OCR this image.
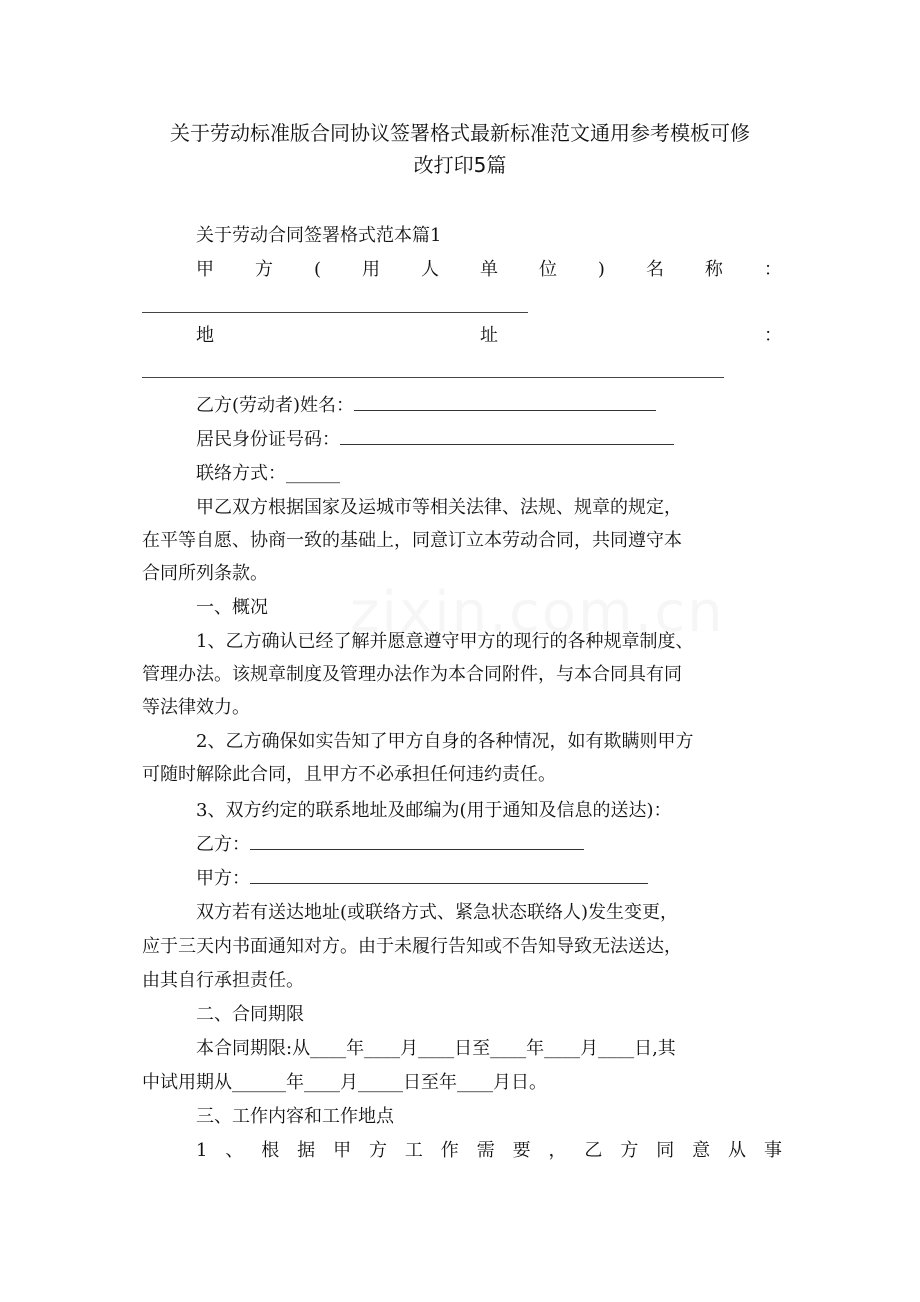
关于劳动标准版合同协议签署格式最新标准范文通用参考模板可修
改打印5篇
关于劳动合同签署格式范本篇1
甲 方 ( 用 人 单 位 ) 名 称 ：
地	址	：
乙方(劳动者)姓名：
居民身份证号码：
联络方式：______
甲乙双方根据国家及运城市等相关法律、法规、规章的规定，
在平等自愿、协商一致的基础上，同意订立本劳动合同，共同遵守本
合同所列条款。
一、概况
1、乙方确认已经了解并愿意遵守甲方的现行的各种规章制度、
管理办法。该规章制度及管理办法作为本合同附件，与本合同具有同
等法律效力。
2、乙方确保如实告知了甲方自身的各种情况，如有欺瞒则甲方
可随时解除此合同，且甲方不必承担任何违约责任。
3、双方约定的联系地址及邮编为(用于通知及信息的送达)：
乙方：
甲方：
双方若有送达地址(或联络方式、紧急状态联络人)发生变更，
应于三天内书面通知对方。由于未履行告知或不告知导致无法送达，
由其自行承担责任。
二、合同期限
本合同期限:从____年____月____日至____年____月____日,其
中试用期从______年____月_____日至年____月日。
三、工作内容和工作地点
1 、 根 据 甲 方 工 作 需 要 ， 乙 方 同 意 从 事
